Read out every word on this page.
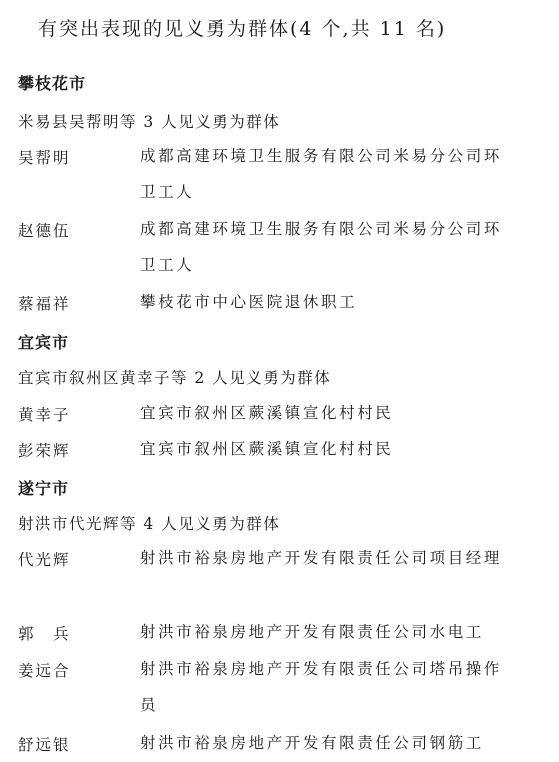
有突出表现的见义勇为群体(4 个,共 11 名)
攀枝花市
米易县吴帮明等 3 人见义勇为群体
吴帮明	成都高建环境卫生服务有限公司米易分公司环卫工人
赵德伍	成都高建环境卫生服务有限公司米易分公司环卫工人
蔡福祥	攀枝花市中心医院退休职工
宜宾市
宜宾市叙州区黄幸子等 2 人见义勇为群体
黄幸子	宜宾市叙州区蕨溪镇宣化村村民
彭荣辉	宜宾市叙州区蕨溪镇宣化村村民
遂宁市
射洪市代光辉等 4 人见义勇为群体
代光辉	射洪市裕泉房地产开发有限责任公司项目经理
郭　兵	射洪市裕泉房地产开发有限责任公司水电工
姜远合	射洪市裕泉房地产开发有限责任公司塔吊操作员
舒远银	射洪市裕泉房地产开发有限责任公司钢筋工
